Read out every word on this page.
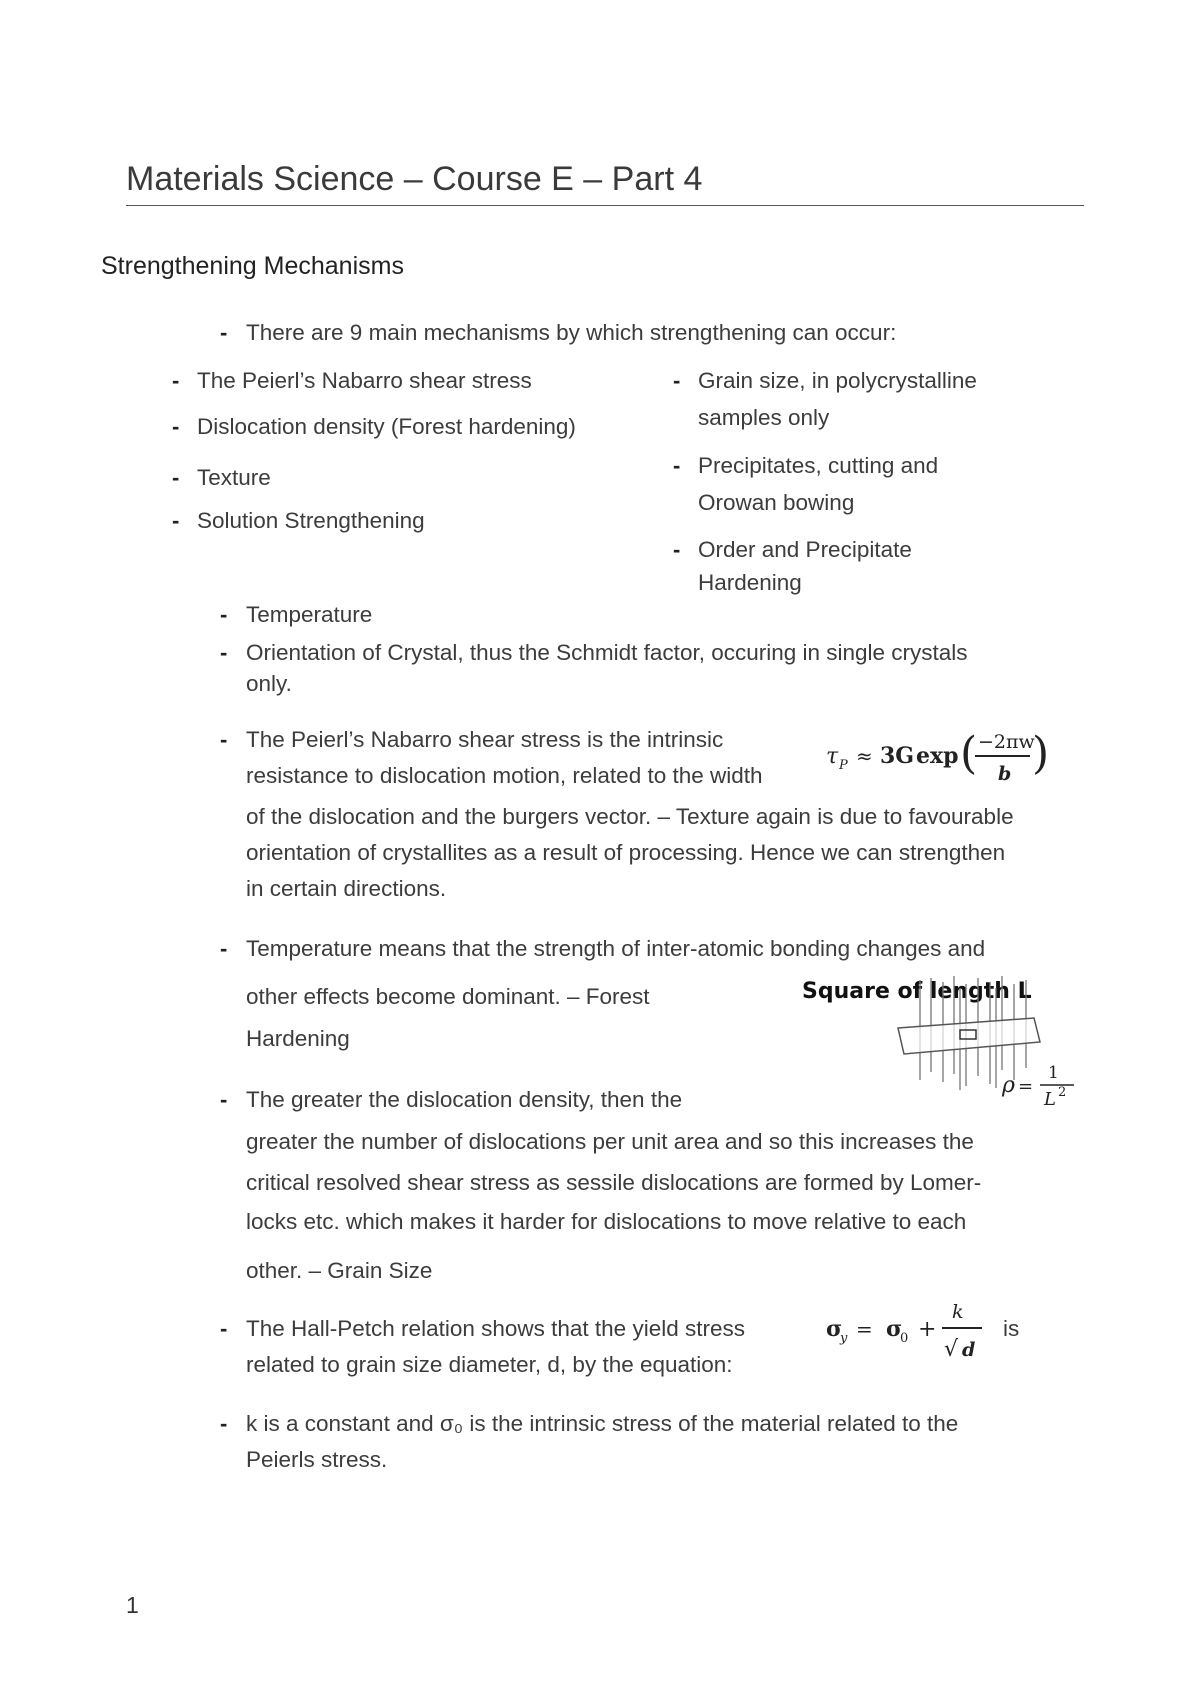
Materials Science – Course E – Part 4
Strengthening Mechanisms
- There are 9 main mechanisms by which strengthening can occur:
- The Peierl’s Nabarro shear stress
- Dislocation density (Forest hardening)
- Texture
- Solution Strengthening
- Grain size, in polycrystalline
samples only
- Precipitates, cutting and
Orowan bowing
- Order and Precipitate
Hardening
- Temperature
- Orientation of Crystal, thus the Schmidt factor, occuring in single crystals
only.
- The Peierl’s Nabarro shear stress is the intrinsic
resistance to dislocation motion, related to the width
of the dislocation and the burgers vector. – Texture again is due to favourable
orientation of crystallites as a result of processing. Hence we can strengthen
in certain directions.
τ P ≈ 3G exp ( −2πw
b )
- Temperature means that the strength of inter-atomic bonding changes and
other effects become dominant. – Forest
Hardening
- The greater the dislocation density, then the
greater the number of dislocations per unit area and so this increases the
critical resolved shear stress as sessile dislocations are formed by Lomer-
locks etc. which makes it harder for dislocations to move relative to each
other. – Grain Size
Square of length L
ρ =
1
L 2
- The Hall-Petch relation shows that the yield stress	is
related to grain size diameter, d, by the equation:
σ
y = σ
0 +
k
√ d
- k is a constant and σ₀ is the intrinsic stress of the material related to the
Peierls stress.
1
